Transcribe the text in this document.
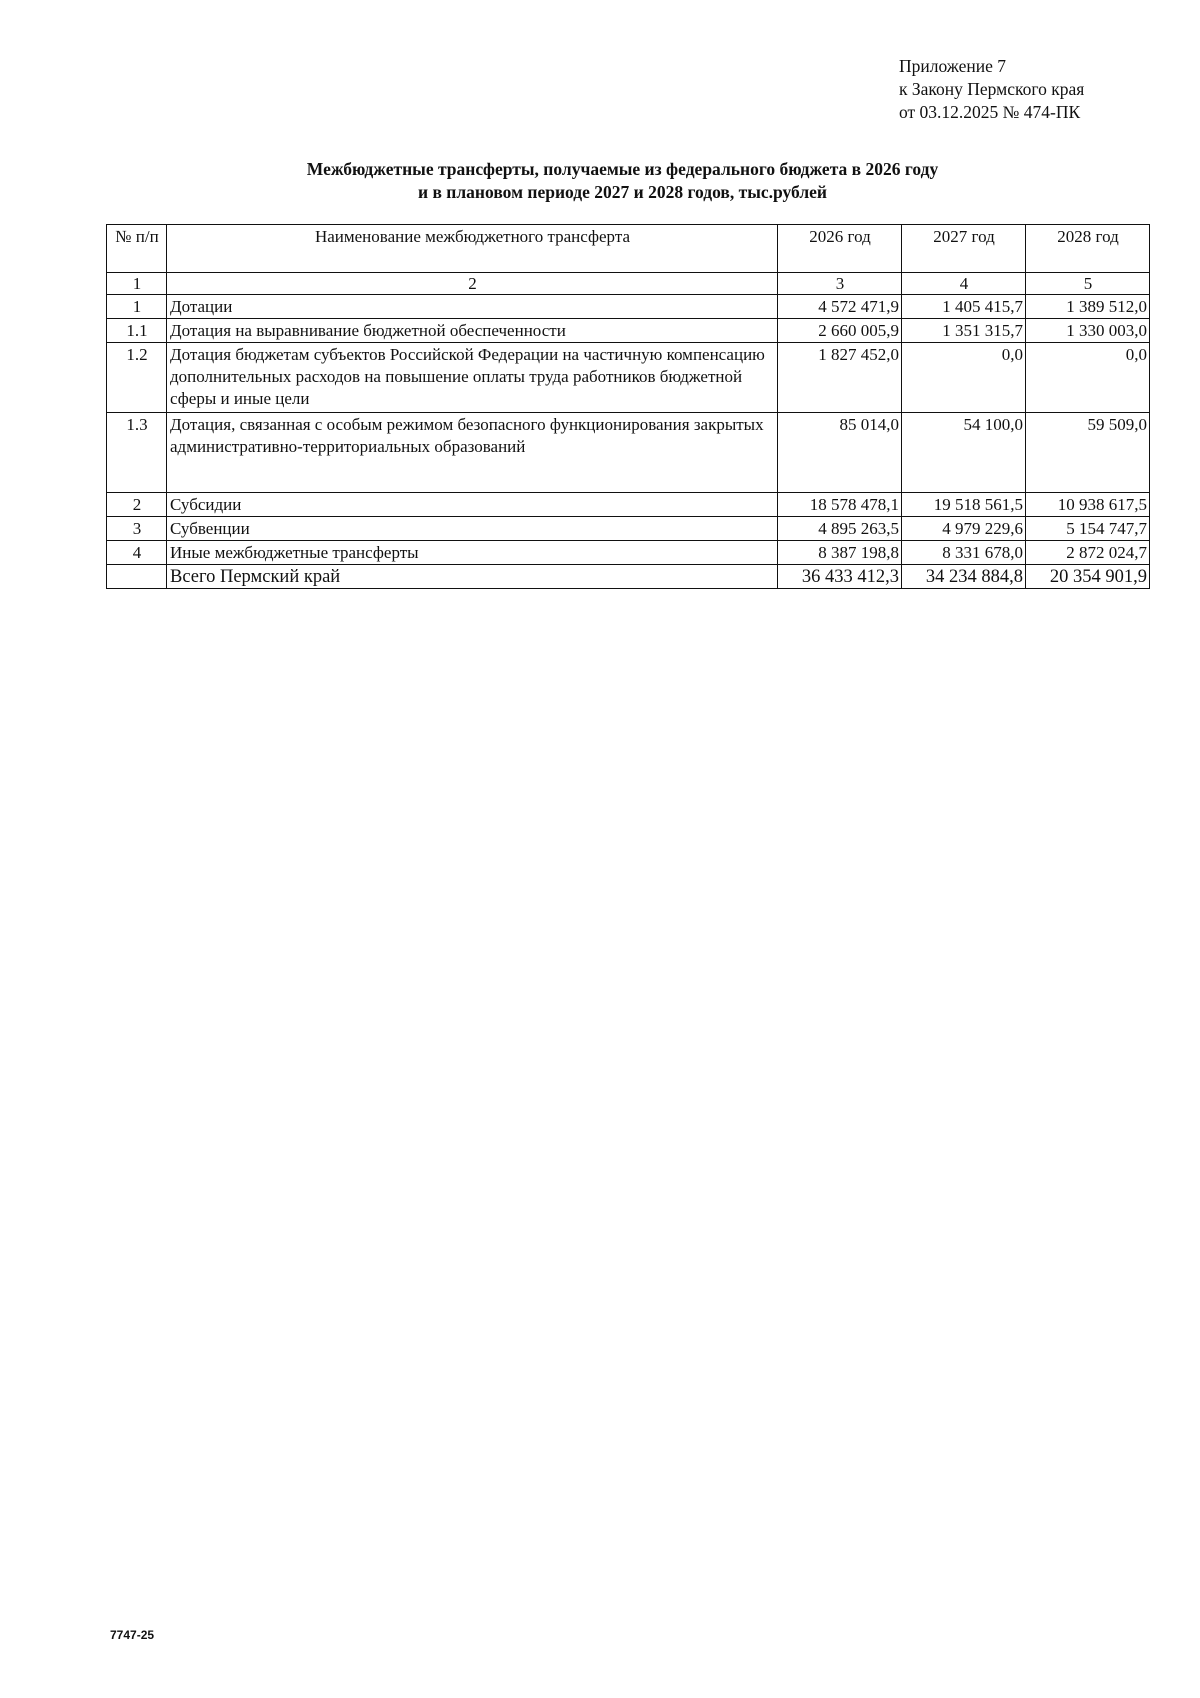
Приложение 7
к Закону Пермского края
от 03.12.2025 № 474-ПК
Межбюджетные трансферты, получаемые из федерального бюджета в 2026 году
и в плановом периоде 2027 и 2028 годов, тыс.рублей
№ п/п	Наименование межбюджетного трансферта	2026 год	2027 год	2028 год
1	2	3	4	5
1	Дотации	4 572 471,9	1 405 415,7	1 389 512,0
1.1	Дотация на выравнивание бюджетной обеспеченности	2 660 005,9	1 351 315,7	1 330 003,0
1.2	Дотация бюджетам субъектов Российской Федерации на частичную компенсацию дополнительных расходов на повышение оплаты труда работников бюджетной сферы и иные цели	1 827 452,0	0,0	0,0
1.3	Дотация, связанная с особым режимом безопасного функционирования закрытых административно-территориальных образований	85 014,0	54 100,0	59 509,0
2	Субсидии	18 578 478,1	19 518 561,5	10 938 617,5
3	Субвенции	4 895 263,5	4 979 229,6	5 154 747,7
4	Иные межбюджетные трансферты	8 387 198,8	8 331 678,0	2 872 024,7
	Всего Пермский край	36 433 412,3	34 234 884,8	20 354 901,9
7747-25
